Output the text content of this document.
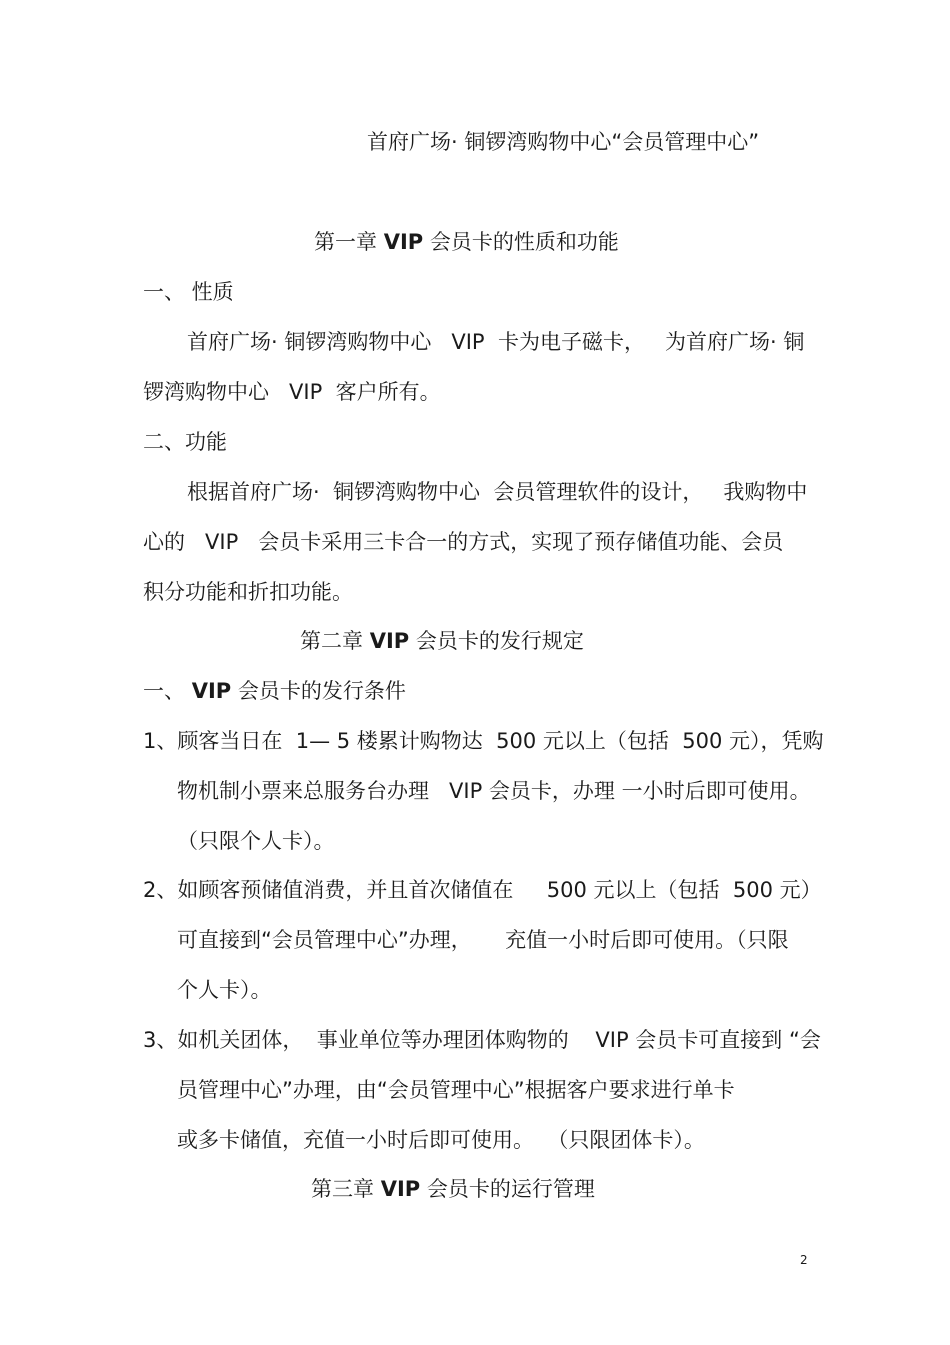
首府广场· 铜锣湾购物中心“会员管理中心”
第一章 VIP 会员卡的性质和功能
一、 性质
首府广场· 铜锣湾购物中心   VIP  卡为电子磁卡，   为首府广场· 铜
锣湾购物中心   VIP  客户所有。
二、功能
根据首府广场·  铜锣湾购物中心  会员管理软件的设计，   我购物中
心的   VIP   会员卡采用三卡合一的方式，实现了预存储值功能、会员
积分功能和折扣功能。
第二章 VIP 会员卡的发行规定
一、 VIP 会员卡的发行条件
1、顾客当日在  1— 5 楼累计购物达  500 元以上（包括  500 元），凭购
物机制小票来总服务台办理   VIP 会员卡，办理 一小时后即可使用。
（只限个人卡）。
2、如顾客预储值消费，并且首次储值在     500 元以上（包括  500 元）
可直接到“会员管理中心”办理，     充值一小时后即可使用。（只限
个人卡）。
3、如机关团体，  事业单位等办理团体购物的    VIP 会员卡可直接到 “会
员管理中心”办理，由“会员管理中心”根据客户要求进行单卡
或多卡储值，充值一小时后即可使用。  （只限团体卡）。
第三章 VIP 会员卡的运行管理
2
